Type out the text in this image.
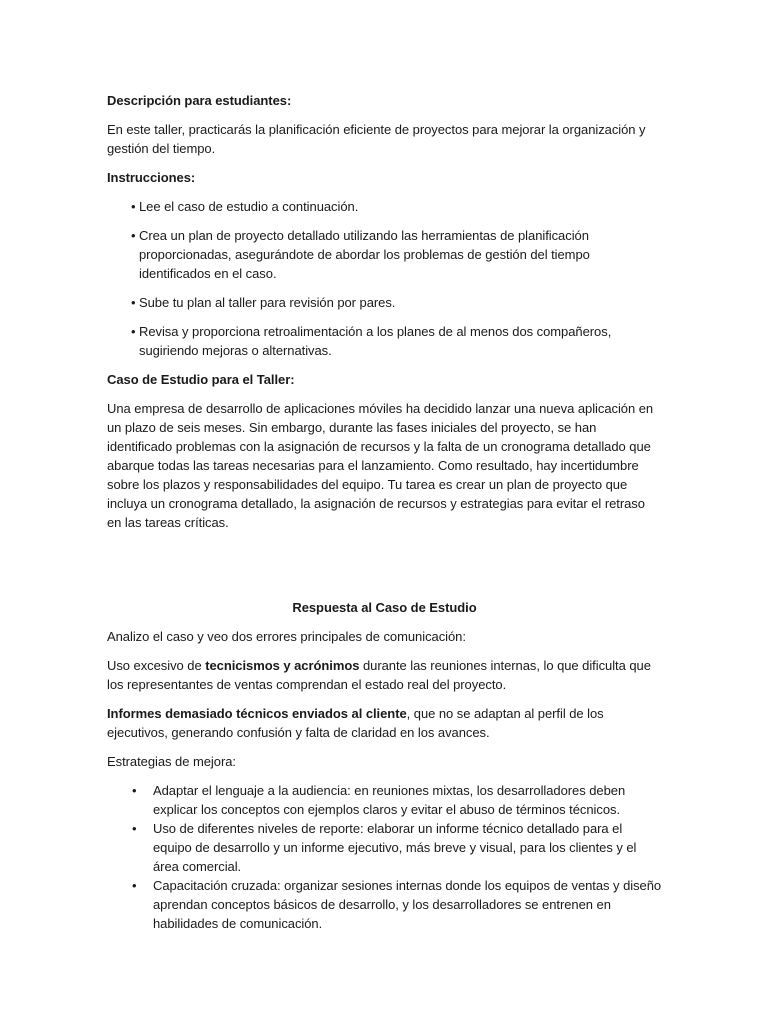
Descripción para estudiantes:

En este taller, practicarás la planificación eficiente de proyectos para mejorar la organización y gestión del tiempo.

Instrucciones:

• Lee el caso de estudio a continuación.
• Crea un plan de proyecto detallado utilizando las herramientas de planificación proporcionadas, asegurándote de abordar los problemas de gestión del tiempo identificados en el caso.
• Sube tu plan al taller para revisión por pares.
• Revisa y proporciona retroalimentación a los planes de al menos dos compañeros, sugiriendo mejoras o alternativas.

Caso de Estudio para el Taller:

Una empresa de desarrollo de aplicaciones móviles ha decidido lanzar una nueva aplicación en un plazo de seis meses. Sin embargo, durante las fases iniciales del proyecto, se han identificado problemas con la asignación de recursos y la falta de un cronograma detallado que abarque todas las tareas necesarias para el lanzamiento. Como resultado, hay incertidumbre sobre los plazos y responsabilidades del equipo. Tu tarea es crear un plan de proyecto que incluya un cronograma detallado, la asignación de recursos y estrategias para evitar el retraso en las tareas críticas.

Respuesta al Caso de Estudio

Analizo el caso y veo dos errores principales de comunicación:

Uso excesivo de tecnicismos y acrónimos durante las reuniones internas, lo que dificulta que los representantes de ventas comprendan el estado real del proyecto.

Informes demasiado técnicos enviados al cliente, que no se adaptan al perfil de los ejecutivos, generando confusión y falta de claridad en los avances.

Estrategias de mejora:

• Adaptar el lenguaje a la audiencia: en reuniones mixtas, los desarrolladores deben explicar los conceptos con ejemplos claros y evitar el abuso de términos técnicos.
• Uso de diferentes niveles de reporte: elaborar un informe técnico detallado para el equipo de desarrollo y un informe ejecutivo, más breve y visual, para los clientes y el área comercial.
• Capacitación cruzada: organizar sesiones internas donde los equipos de ventas y diseño aprendan conceptos básicos de desarrollo, y los desarrolladores se entrenen en habilidades de comunicación.
